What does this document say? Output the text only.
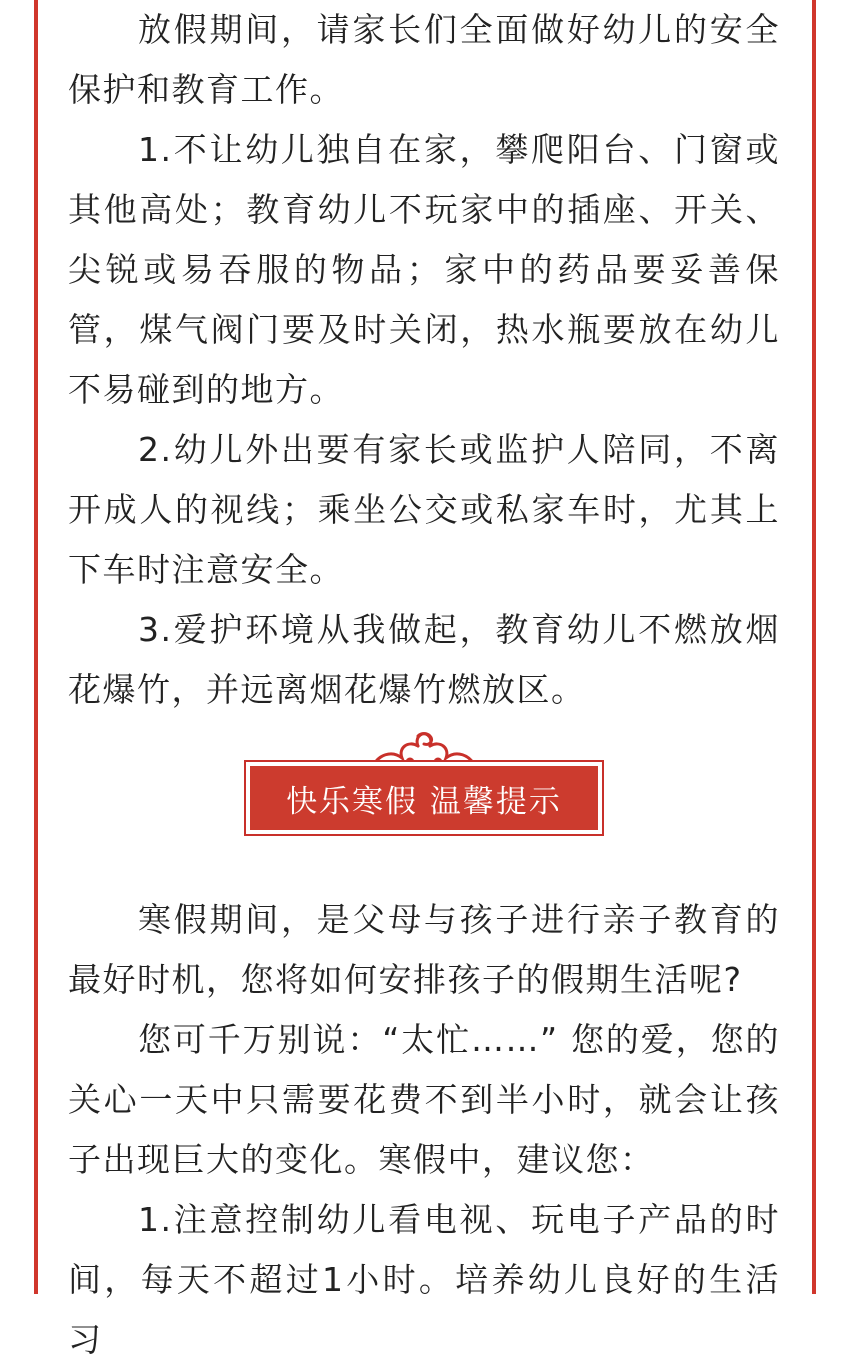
放假期间，请家长们全面做好幼儿的安全保护和教育工作。

1.不让幼儿独自在家，攀爬阳台、门窗或其他高处；教育幼儿不玩家中的插座、开关、尖锐或易吞服的物品；家中的药品要妥善保管，煤气阀门要及时关闭，热水瓶要放在幼儿不易碰到的地方。

2.幼儿外出要有家长或监护人陪同，不离开成人的视线；乘坐公交或私家车时，尤其上下车时注意安全。

3.爱护环境从我做起，教育幼儿不燃放烟花爆竹，并远离烟花爆竹燃放区。

快乐寒假 温馨提示

寒假期间，是父母与孩子进行亲子教育的最好时机，您将如何安排孩子的假期生活呢?

您可千万别说：“太忙……” 您的爱，您的关心一天中只需要花费不到半小时，就会让孩子出现巨大的变化。寒假中，建议您：

1.注意控制幼儿看电视、玩电子产品的时间，每天不超过1小时。培养幼儿良好的生活习
